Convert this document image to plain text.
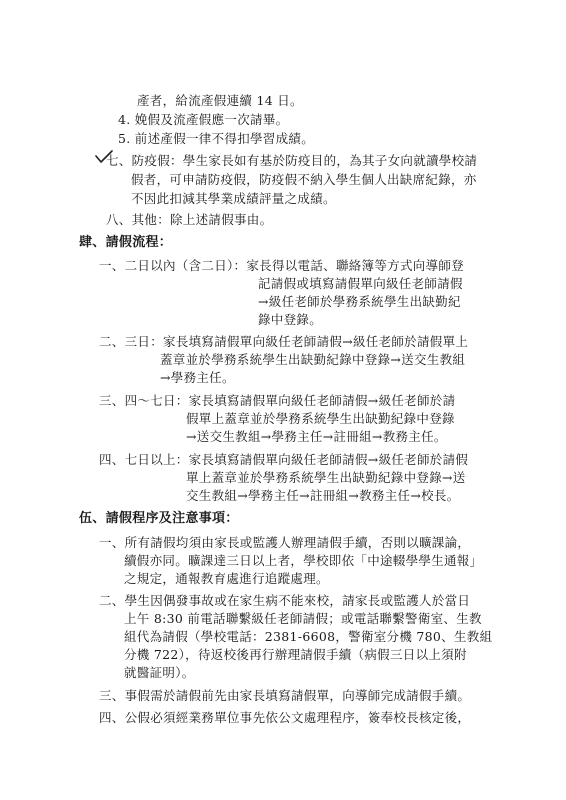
產者，給流產假連續 14 日。
4. 娩假及流產假應一次請畢。
5. 前述產假一律不得扣學習成績。
七、防疫假：學生家長如有基於防疫目的，為其子女向就讀學校請
假者，可申請防疫假，防疫假不納入學生個人出缺席紀錄，亦
不因此扣減其學業成績評量之成績。
八、其他：除上述請假事由。
肆、請假流程：
一、二日以內（含二日）：家長得以電話、聯絡簿等方式向導師登
記請假或填寫請假單向級任老師請假
→級任老師於學務系統學生出缺勤紀
錄中登錄。
二、三日：家長填寫請假單向級任老師請假→級任老師於請假單上
蓋章並於學務系統學生出缺勤紀錄中登錄→送交生教組
→學務主任。
三、四～七日：家長填寫請假單向級任老師請假→級任老師於請
假單上蓋章並於學務系統學生出缺勤紀錄中登錄
→送交生教組→學務主任→註冊組→教務主任。
四、七日以上：家長填寫請假單向級任老師請假→級任老師於請假
單上蓋章並於學務系統學生出缺勤紀錄中登錄→送
交生教組→學務主任→註冊組→教務主任→校長。
伍、請假程序及注意事項：
一、所有請假均須由家長或監護人辦理請假手續，否則以曠課論，
續假亦同。曠課達三日以上者，學校即依「中途輟學學生通報」
之規定，通報教育處進行追蹤處理。
二、學生因偶發事故或在家生病不能來校，請家長或監護人於當日
上午 8:30 前電話聯繫級任老師請假；或電話聯繫警衛室、生教
組代為請假（學校電話：2381-6608，警衛室分機 780、生教組
分機 722），待返校後再行辦理請假手續（病假三日以上須附
就醫証明）。
三、事假需於請假前先由家長填寫請假單，向導師完成請假手續。
四、公假必須經業務單位事先依公文處理程序，簽奉校長核定後，
